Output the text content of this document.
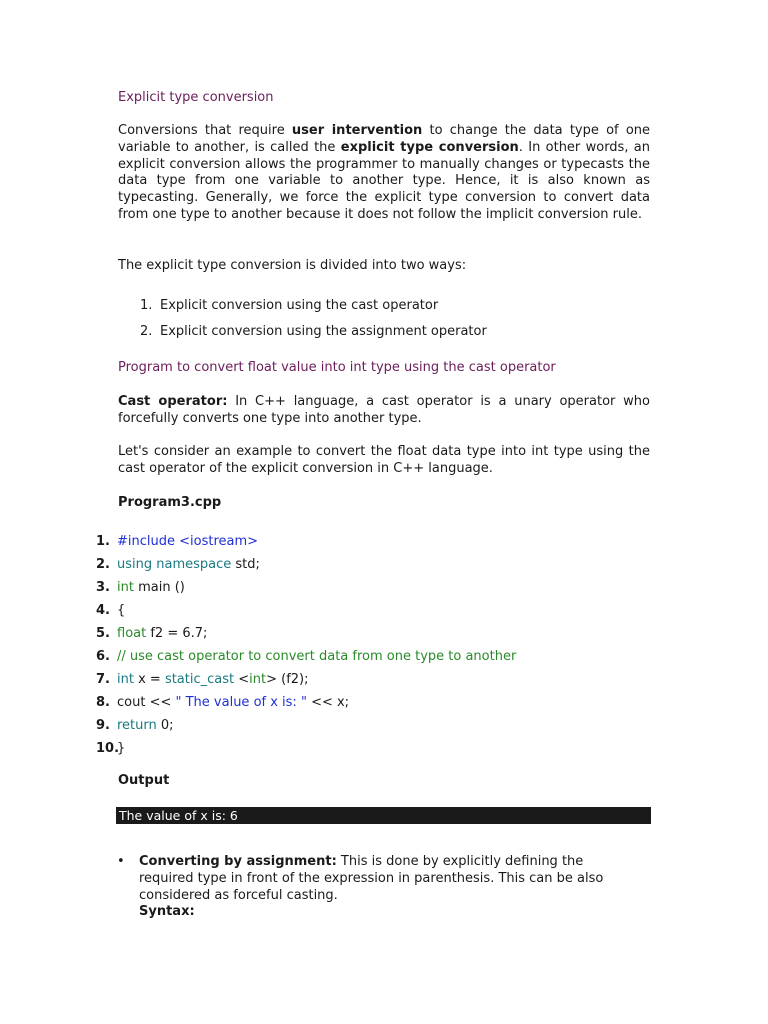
Explicit type conversion

Conversions that require user intervention to change the data type of one variable to another, is called the explicit type conversion. In other words, an explicit conversion allows the programmer to manually changes or typecasts the data type from one variable to another type. Hence, it is also known as typecasting. Generally, we force the explicit type conversion to convert data from one type to another because it does not follow the implicit conversion rule.

The explicit type conversion is divided into two ways:

1. Explicit conversion using the cast operator
2. Explicit conversion using the assignment operator
Program to convert float value into int type using the cast operator

Cast operator: In C++ language, a cast operator is a unary operator who forcefully converts one type into another type.

Let's consider an example to convert the float data type into int type using the cast operator of the explicit conversion in C++ language.

Program3.cpp
1. #include <iostream>
2. using namespace std;
3. int main ()
4. {
5. float f2 = 6.7;
6. // use cast operator to convert data from one type to another
7. int x = static_cast < int > (f2);
8. cout << " The value of x is: " << x;
9. return 0;
10.
}
Output
The value of x is: 6
• Converting by assignment: This is done by explicitly defining the required type in front of the expression in parenthesis. This can be also considered as forceful casting.
Syntax:
